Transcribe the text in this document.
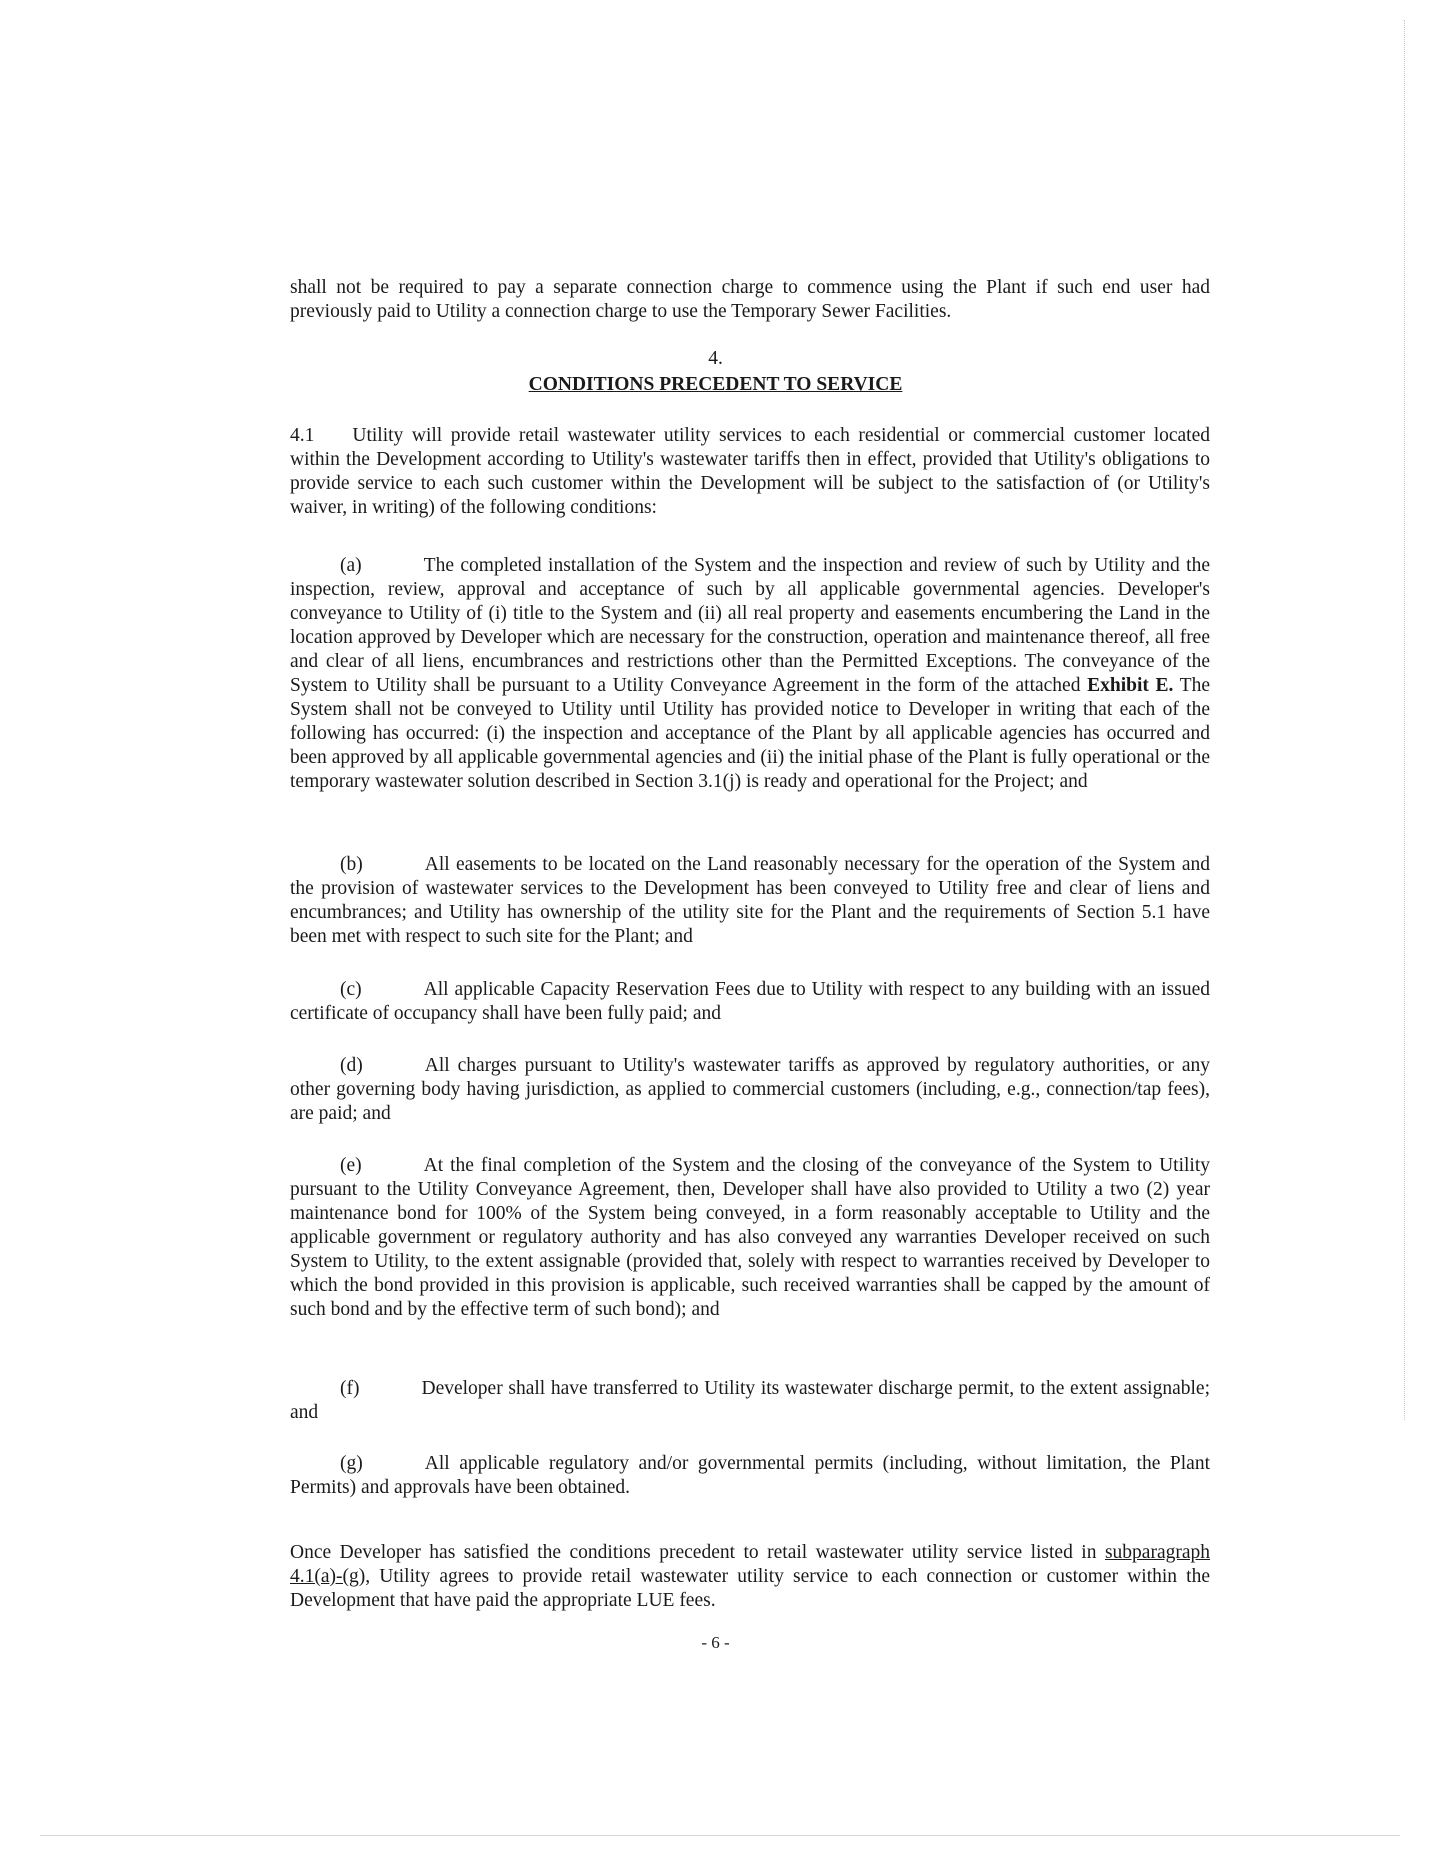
shall not be required to pay a separate connection charge to commence using the Plant if such end user had previously paid to Utility a connection charge to use the Temporary Sewer Facilities.

4.
CONDITIONS PRECEDENT TO SERVICE

4.1 Utility will provide retail wastewater utility services to each residential or commercial customer located within the Development according to Utility's wastewater tariffs then in effect, provided that Utility's obligations to provide service to each such customer within the Development will be subject to the satisfaction of (or Utility's waiver, in writing) of the following conditions:

(a)	The completed installation of the System and the inspection and review of such by Utility and the inspection, review, approval and acceptance of such by all applicable governmental agencies. Developer's conveyance to Utility of (i) title to the System and (ii) all real property and easements encumbering the Land in the location approved by Developer which are necessary for the construction, operation and maintenance thereof, all free and clear of all liens, encumbrances and restrictions other than the Permitted Exceptions. The conveyance of the System to Utility shall be pursuant to a Utility Conveyance Agreement in the form of the attached Exhibit E. The System shall not be conveyed to Utility until Utility has provided notice to Developer in writing that each of the following has occurred: (i) the inspection and acceptance of the Plant by all applicable agencies has occurred and been approved by all applicable governmental agencies and (ii) the initial phase of the Plant is fully operational or the temporary wastewater solution described in Section 3.1(j) is ready and operational for the Project; and

(b)	All easements to be located on the Land reasonably necessary for the operation of the System and the provision of wastewater services to the Development has been conveyed to Utility free and clear of liens and encumbrances; and Utility has ownership of the utility site for the Plant and the requirements of Section 5.1 have been met with respect to such site for the Plant; and

(c)	All applicable Capacity Reservation Fees due to Utility with respect to any building with an issued certificate of occupancy shall have been fully paid; and

(d)	All charges pursuant to Utility's wastewater tariffs as approved by regulatory authorities, or any other governing body having jurisdiction, as applied to commercial customers (including, e.g., connection/tap fees), are paid; and

(e)	At the final completion of the System and the closing of the conveyance of the System to Utility pursuant to the Utility Conveyance Agreement, then, Developer shall have also provided to Utility a two (2) year maintenance bond for 100% of the System being conveyed, in a form reasonably acceptable to Utility and the applicable government or regulatory authority and has also conveyed any warranties Developer received on such System to Utility, to the extent assignable (provided that, solely with respect to warranties received by Developer to which the bond provided in this provision is applicable, such received warranties shall be capped by the amount of such bond and by the effective term of such bond); and

(f)	Developer shall have transferred to Utility its wastewater discharge permit, to the extent assignable; and

(g)	All applicable regulatory and/or governmental permits (including, without limitation, the Plant Permits) and approvals have been obtained.

Once Developer has satisfied the conditions precedent to retail wastewater utility service listed in subparagraph 4.1(a)-(g), Utility agrees to provide retail wastewater utility service to each connection or customer within the Development that have paid the appropriate LUE fees.

- 6 -
